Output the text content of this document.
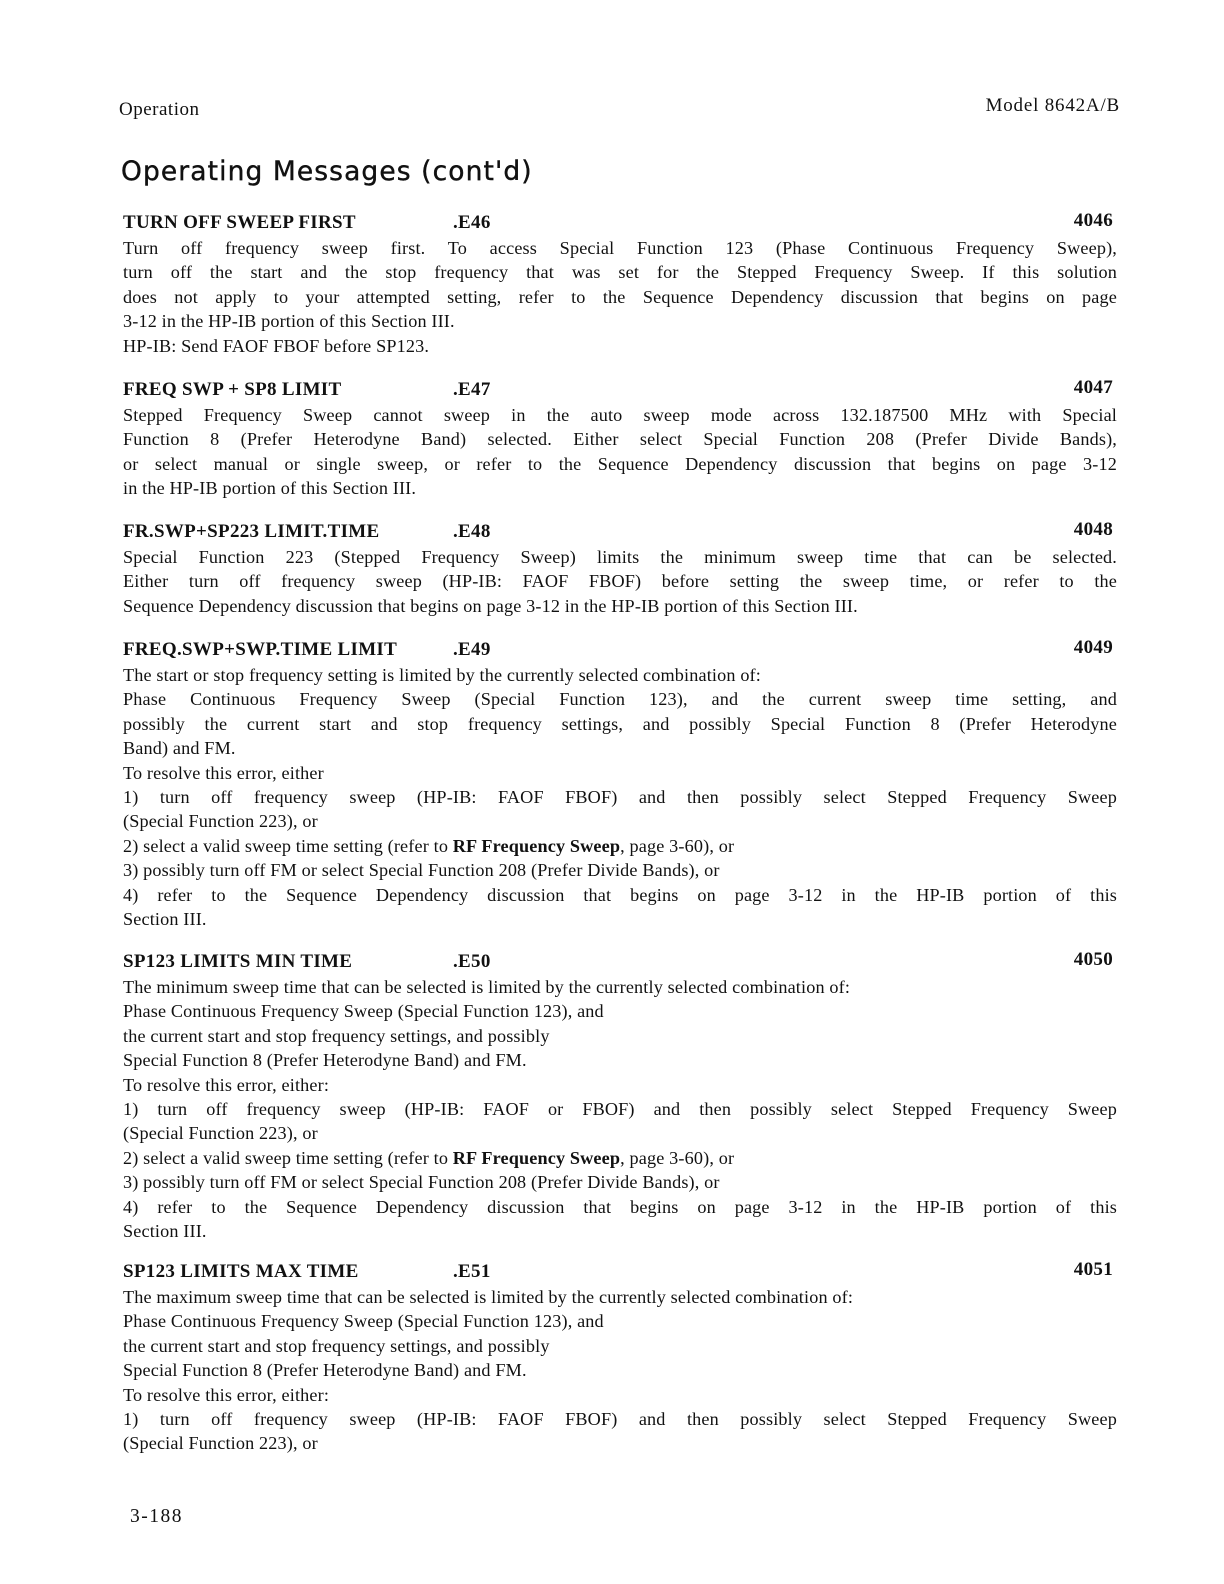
Operation	Model 8642A/B
Operating Messages (cont'd)
TURN OFF SWEEP FIRST	.E46	4046
Turn off frequency sweep first. To access Special Function 123 (Phase Continuous Frequency Sweep),
turn off the start and the stop frequency that was set for the Stepped Frequency Sweep. If this solution
does not apply to your attempted setting, refer to the Sequence Dependency discussion that begins on page
3-12 in the HP-IB portion of this Section III.
HP-IB: Send FAOF FBOF before SP123.
FREQ SWP + SP8 LIMIT	.E47	4047
Stepped Frequency Sweep cannot sweep in the auto sweep mode across 132.187500 MHz with Special
Function 8 (Prefer Heterodyne Band) selected. Either select Special Function 208 (Prefer Divide Bands),
or select manual or single sweep, or refer to the Sequence Dependency discussion that begins on page 3-12
in the HP-IB portion of this Section III.
FR.SWP+SP223 LIMIT.TIME	.E48	4048
Special Function 223 (Stepped Frequency Sweep) limits the minimum sweep time that can be selected.
Either turn off frequency sweep (HP-IB: FAOF FBOF) before setting the sweep time, or refer to the
Sequence Dependency discussion that begins on page 3-12 in the HP-IB portion of this Section III.
FREQ.SWP+SWP.TIME LIMIT	.E49	4049
The start or stop frequency setting is limited by the currently selected combination of:
Phase Continuous Frequency Sweep (Special Function 123), and the current sweep time setting, and
possibly the current start and stop frequency settings, and possibly Special Function 8 (Prefer Heterodyne
Band) and FM.
To resolve this error, either
1) turn off frequency sweep (HP-IB: FAOF FBOF) and then possibly select Stepped Frequency Sweep
(Special Function 223), or
2) select a valid sweep time setting (refer to RF Frequency Sweep, page 3-60), or
3) possibly turn off FM or select Special Function 208 (Prefer Divide Bands), or
4) refer to the Sequence Dependency discussion that begins on page 3-12 in the HP-IB portion of this
Section III.
SP123 LIMITS MIN TIME	.E50	4050
The minimum sweep time that can be selected is limited by the currently selected combination of:
Phase Continuous Frequency Sweep (Special Function 123), and
the current start and stop frequency settings, and possibly
Special Function 8 (Prefer Heterodyne Band) and FM.
To resolve this error, either:
1) turn off frequency sweep (HP-IB: FAOF or FBOF) and then possibly select Stepped Frequency Sweep
(Special Function 223), or
2) select a valid sweep time setting (refer to RF Frequency Sweep, page 3-60), or
3) possibly turn off FM or select Special Function 208 (Prefer Divide Bands), or
4) refer to the Sequence Dependency discussion that begins on page 3-12 in the HP-IB portion of this
Section III.
SP123 LIMITS MAX TIME	.E51	4051
The maximum sweep time that can be selected is limited by the currently selected combination of:
Phase Continuous Frequency Sweep (Special Function 123), and
the current start and stop frequency settings, and possibly
Special Function 8 (Prefer Heterodyne Band) and FM.
To resolve this error, either:
1) turn off frequency sweep (HP-IB: FAOF FBOF) and then possibly select Stepped Frequency Sweep
(Special Function 223), or
3-188
